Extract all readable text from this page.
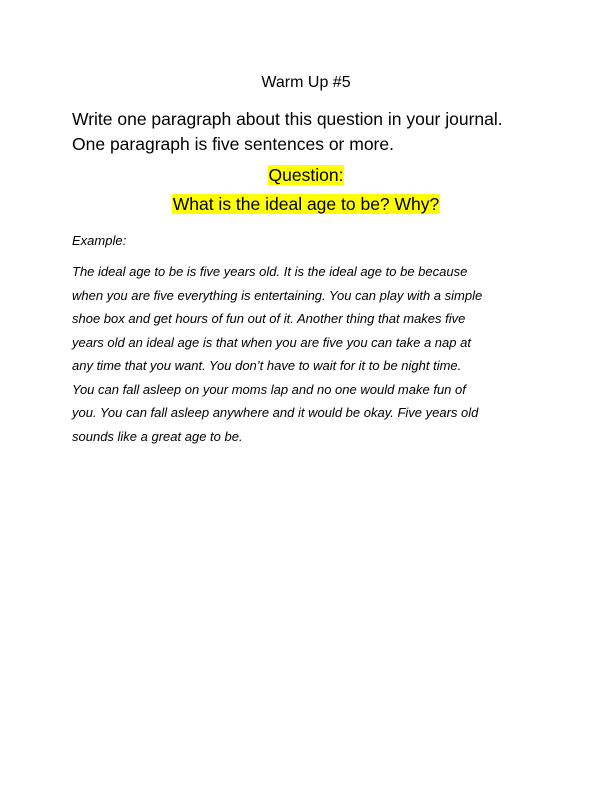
Warm Up #5
Write one paragraph about this question in your journal.
One paragraph is five sentences or more.
Question:
What is the ideal age to be? Why?
Example:
The ideal age to be is five years old. It is the ideal age to be because
when you are five everything is entertaining. You can play with a simple
shoe box and get hours of fun out of it. Another thing that makes five
years old an ideal age is that when you are five you can take a nap at
any time that you want. You don’t have to wait for it to be night time.
You can fall asleep on your moms lap and no one would make fun of
you. You can fall asleep anywhere and it would be okay. Five years old
sounds like a great age to be.
